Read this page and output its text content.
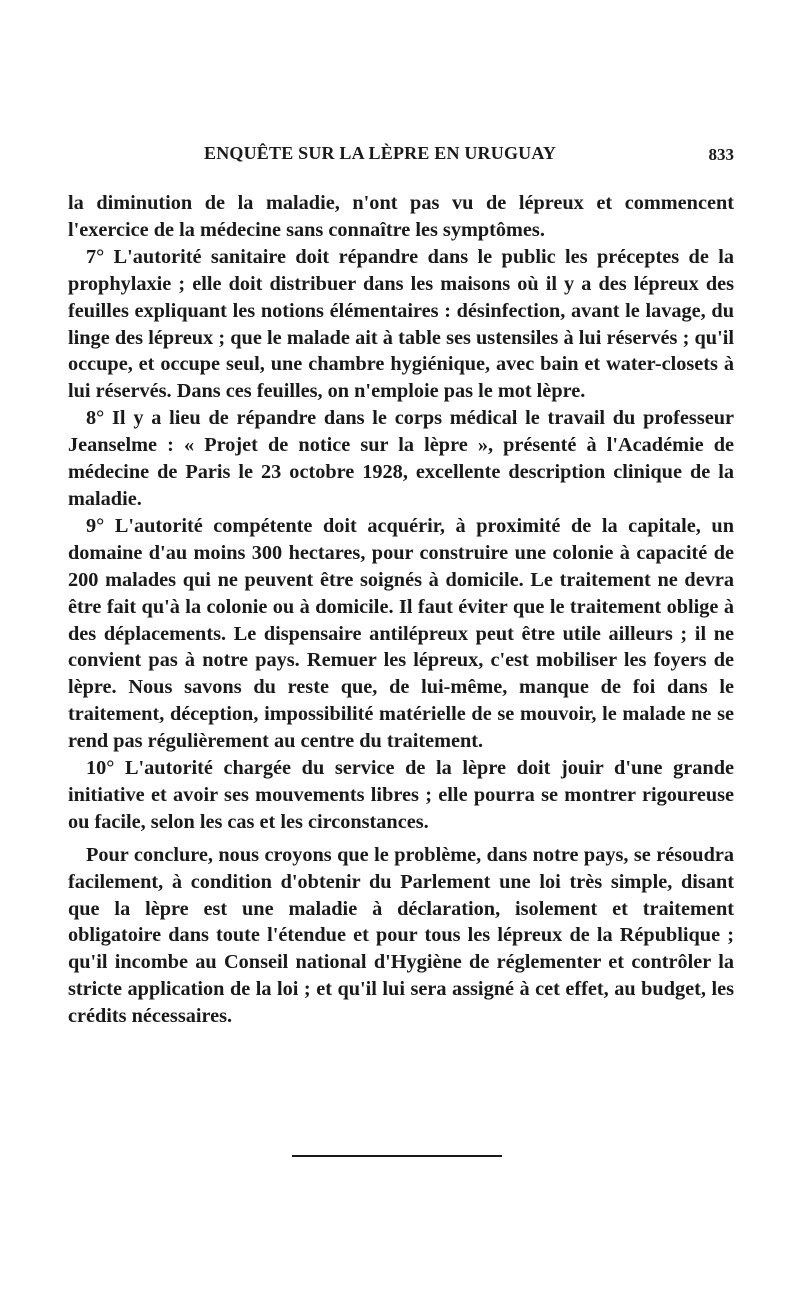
ENQUÊTE SUR LA LÈPRE EN URUGUAY	833

la diminution de la maladie, n'ont pas vu de lépreux et commencent l'exercice de la médecine sans connaître les symptômes.

7° L'autorité sanitaire doit répandre dans le public les préceptes de la prophylaxie ; elle doit distribuer dans les maisons où il y a des lépreux des feuilles expliquant les notions élémentaires : désinfection, avant le lavage, du linge des lépreux ; que le malade ait à table ses ustensiles à lui réservés ; qu'il occupe, et occupe seul, une chambre hygiénique, avec bain et water-closets à lui réservés. Dans ces feuilles, on n'emploie pas le mot lèpre.

8° Il y a lieu de répandre dans le corps médical le travail du professeur Jeanselme : « Projet de notice sur la lèpre », présenté à l'Académie de médecine de Paris le 23 octobre 1928, excellente description clinique de la maladie.

9° L'autorité compétente doit acquérir, à proximité de la capitale, un domaine d'au moins 300 hectares, pour construire une colonie à capacité de 200 malades qui ne peuvent être soignés à domicile. Le traitement ne devra être fait qu'à la colonie ou à domicile. Il faut éviter que le traitement oblige à des déplacements. Le dispensaire antilépreux peut être utile ailleurs ; il ne convient pas à notre pays. Remuer les lépreux, c'est mobiliser les foyers de lèpre. Nous savons du reste que, de lui-même, manque de foi dans le traitement, déception, impossibilité matérielle de se mouvoir, le malade ne se rend pas régulièrement au centre du traitement.

10° L'autorité chargée du service de la lèpre doit jouir d'une grande initiative et avoir ses mouvements libres ; elle pourra se montrer rigoureuse ou facile, selon les cas et les circonstances.

Pour conclure, nous croyons que le problème, dans notre pays, se résoudra facilement, à condition d'obtenir du Parlement une loi très simple, disant que la lèpre est une maladie à déclaration, isolement et traitement obligatoire dans toute l'étendue et pour tous les lépreux de la République ; qu'il incombe au Conseil national d'Hygiène de réglementer et contrôler la stricte application de la loi ; et qu'il lui sera assigné à cet effet, au budget, les crédits nécessaires.
